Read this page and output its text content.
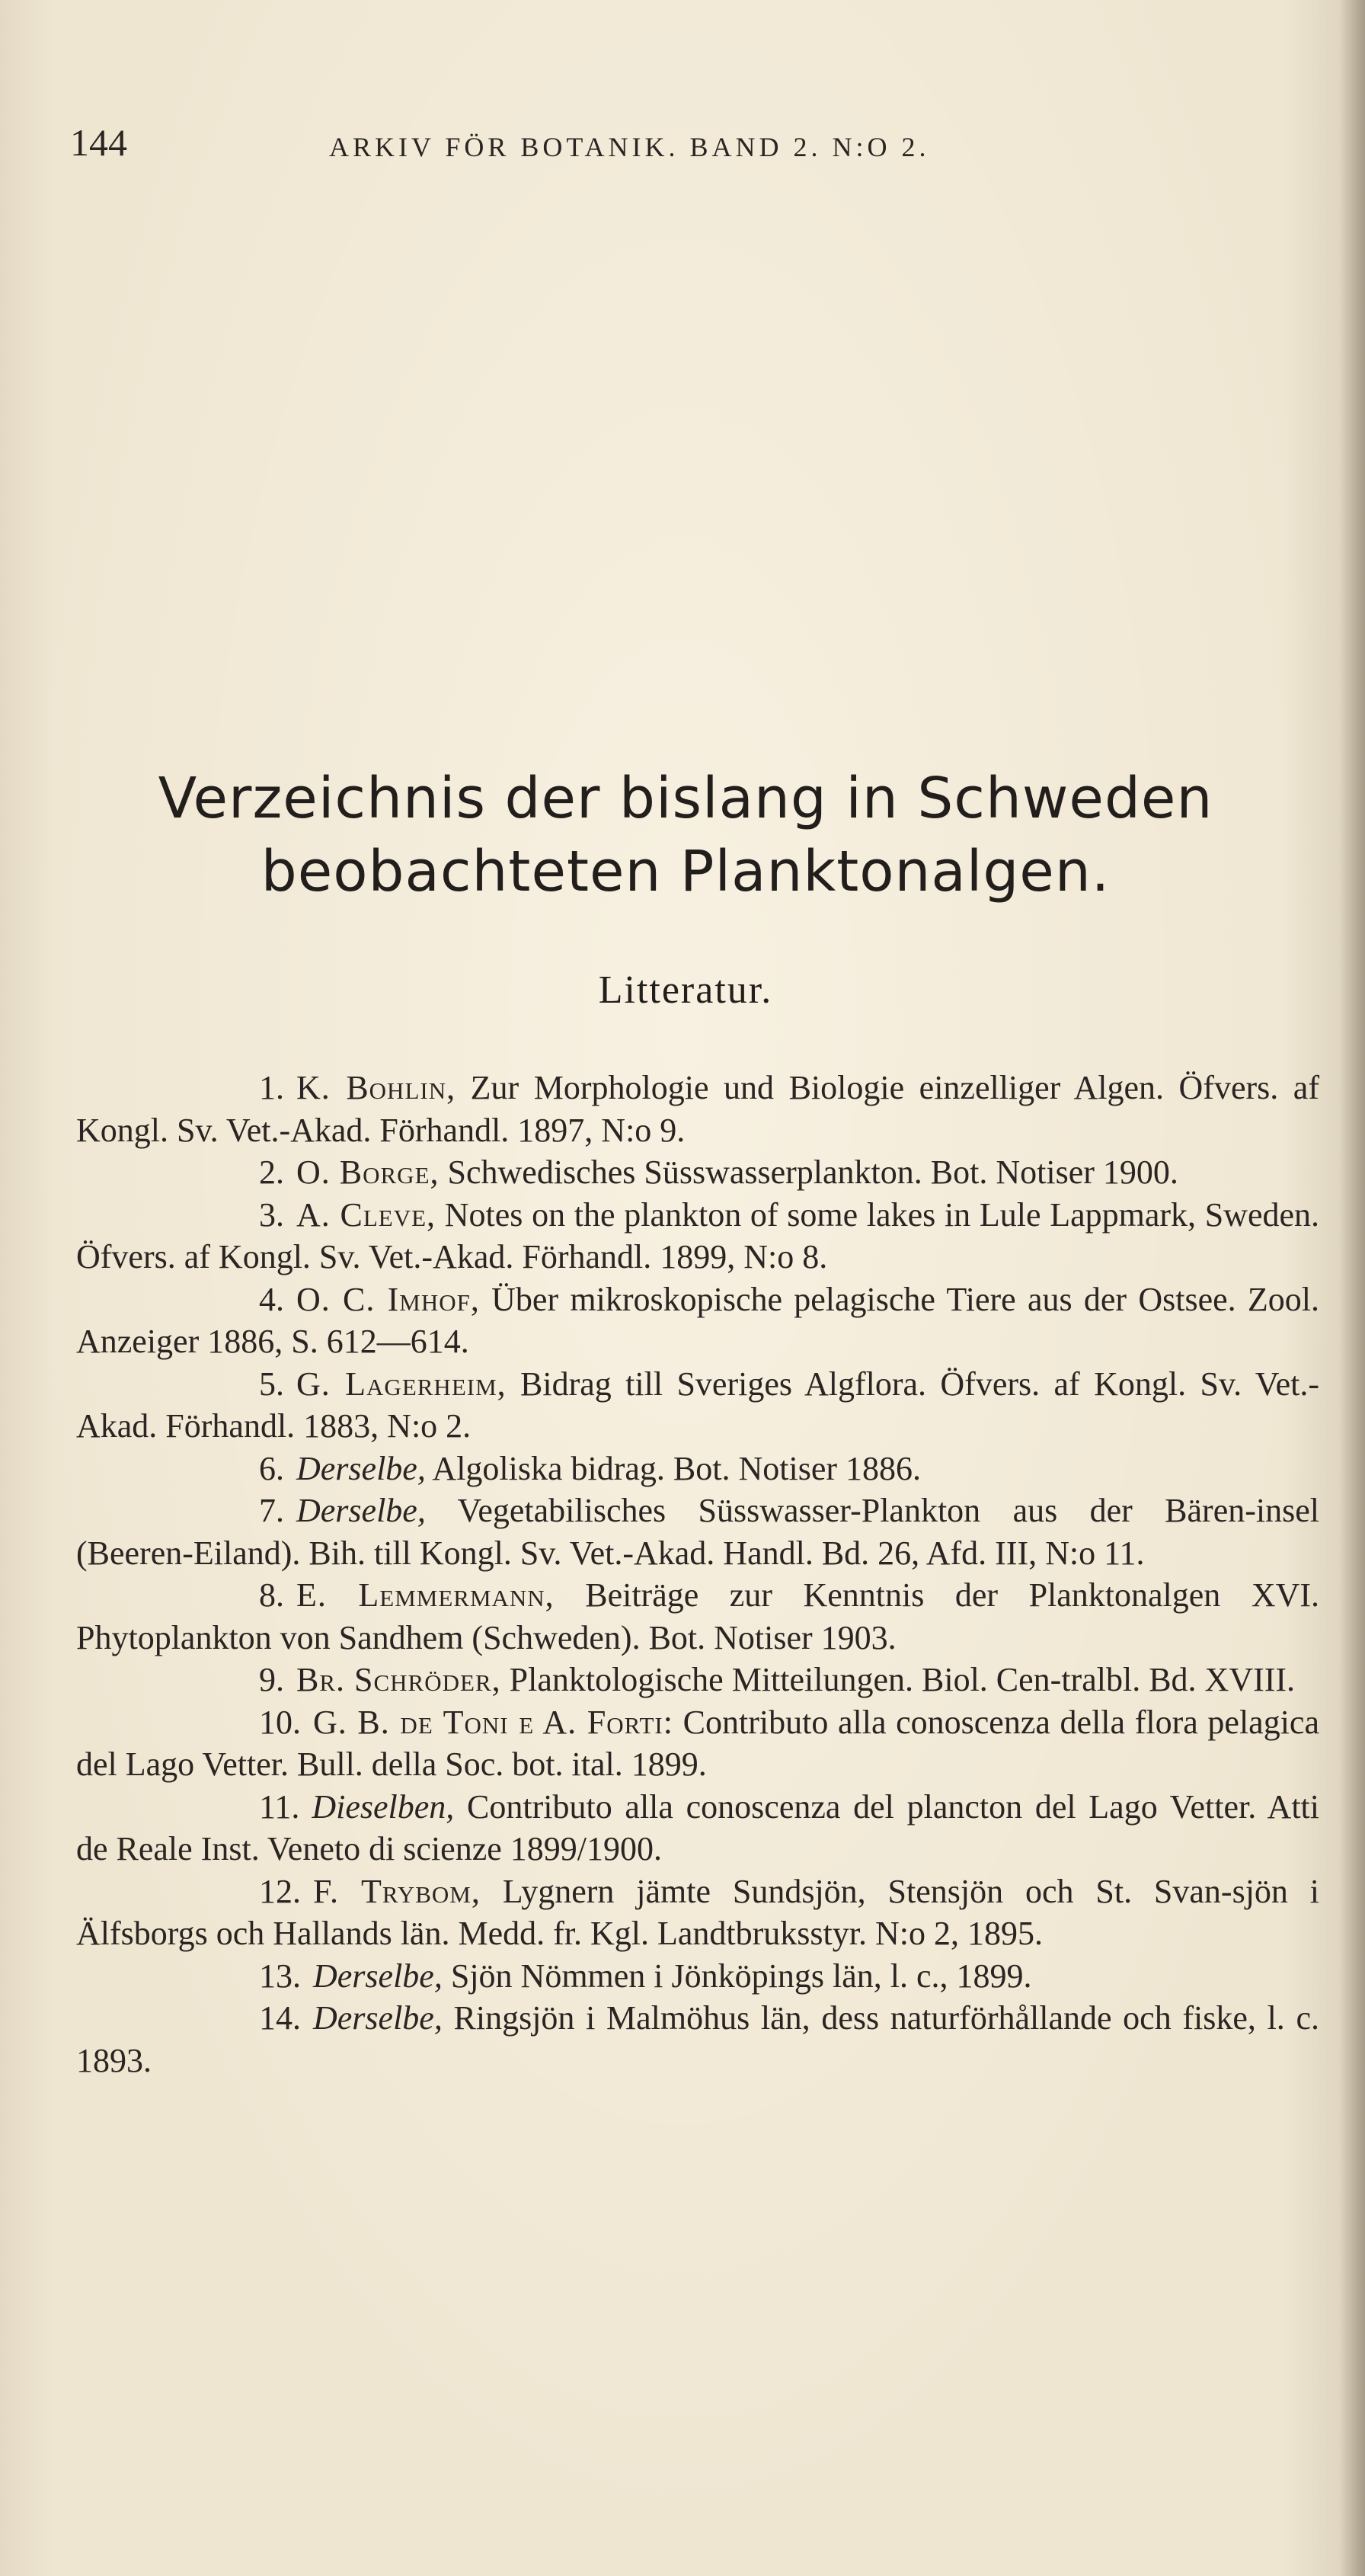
144	ARKIV FÖR BOTANIK. BAND 2. N:O 2.
Verzeichnis der bislang in Schweden
beobachteten Planktonalgen.
Litteratur.

1. K. Bohlin, Zur Morphologie und Biologie einzelliger Algen. Öfvers. af Kongl. Sv. Vet.-Akad. Förhandl. 1897, N:o 9.

2. O. Borge, Schwedisches Süsswasserplankton. Bot. Notiser 1900.

3. A. Cleve, Notes on the plankton of some lakes in Lule Lappmark, Sweden. Öfvers. af Kongl. Sv. Vet.-Akad. Förhandl. 1899, N:o 8.

4. O. C. Imhof, Über mikroskopische pelagische Tiere aus der Ostsee. Zool. Anzeiger 1886, S. 612—614.

5. G. Lagerheim, Bidrag till Sveriges Algflora. Öfvers. af Kongl. Sv. Vet.-Akad. Förhandl. 1883, N:o 2.

6. Derselbe, Algoliska bidrag. Bot. Notiser 1886.

7. Derselbe, Vegetabilisches Süsswasser-Plankton aus der Bären-insel (Beeren-Eiland). Bih. till Kongl. Sv. Vet.-Akad. Handl. Bd. 26, Afd. III, N:o 11.

8. E. Lemmermann, Beiträge zur Kenntnis der Planktonalgen XVI. Phytoplankton von Sandhem (Schweden). Bot. Notiser 1903.

9. Br. Schröder, Planktologische Mitteilungen. Biol. Cen-tralbl. Bd. XVIII.

10. G. B. de Toni e A. Forti: Contributo alla conoscenza della flora pelagica del Lago Vetter. Bull. della Soc. bot. ital. 1899.

11. Dieselben, Contributo alla conoscenza del plancton del Lago Vetter. Atti de Reale Inst. Veneto di scienze 1899/1900.

12. F. Trybom, Lygnern jämte Sundsjön, Stensjön och St. Svan-sjön i Älfsborgs och Hallands län. Medd. fr. Kgl. Landtbruksstyr. N:o 2, 1895.

13. Derselbe, Sjön Nömmen i Jönköpings län, l. c., 1899.

14. Derselbe, Ringsjön i Malmöhus län, dess naturförhållande och fiske, l. c. 1893.
